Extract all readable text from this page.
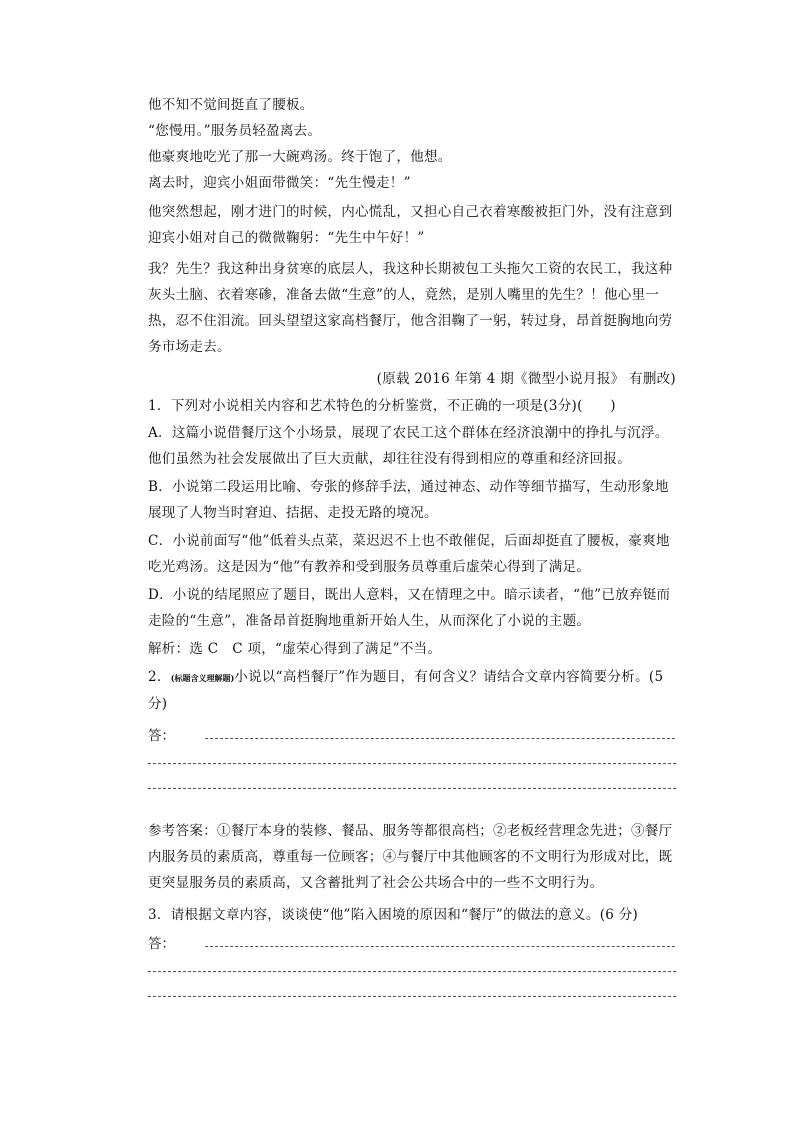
他不知不觉间挺直了腰板。

“您慢用。”服务员轻盈离去。

他豪爽地吃光了那一大碗鸡汤。终于饱了，他想。

离去时，迎宾小姐面带微笑：“先生慢走！”

他突然想起，刚才进门的时候，内心慌乱，又担心自己衣着寒酸被拒门外，没有注意到迎宾小姐对自己的微微鞠躬：“先生中午好！”

我？先生？我这种出身贫寒的底层人，我这种长期被包工头拖欠工资的农民工，我这种灰头土脑、衣着寒碜，准备去做“生意”的人，竟然，是别人嘴里的先生？！他心里一热，忍不住泪流。回头望望这家高档餐厅，他含泪鞠了一躬，转过身，昂首挺胸地向劳务市场走去。

(原载 2016 年第 4 期《微型小说月报》 有删改)

1．下列对小说相关内容和艺术特色的分析鉴赏，不正确的一项是(3分)(　　)

A．这篇小说借餐厅这个小场景，展现了农民工这个群体在经济浪潮中的挣扎与沉浮。他们虽然为社会发展做出了巨大贡献，却往往没有得到相应的尊重和经济回报。

B．小说第二段运用比喻、夸张的修辞手法，通过神态、动作等细节描写，生动形象地展现了人物当时窘迫、拮据、走投无路的境况。

C．小说前面写“他”低着头点菜，菜迟迟不上也不敢催促，后面却挺直了腰板，豪爽地吃光鸡汤。这是因为“他”有教养和受到服务员尊重后虚荣心得到了满足。

D．小说的结尾照应了题目，既出人意料，又在情理之中。暗示读者，“他”已放弃铤而走险的“生意”，准备昂首挺胸地重新开始人生，从而深化了小说的主题。

解析：选 C　C 项，“虚荣心得到了满足”不当。

2．(标题含义理解题)小说以“高档餐厅”作为题目，有何含义？请结合文章内容简要分析。(5 分)

答：

参考答案：①餐厅本身的装修、餐品、服务等都很高档；②老板经营理念先进；③餐厅内服务员的素质高，尊重每一位顾客；④与餐厅中其他顾客的不文明行为形成对比，既更突显服务员的素质高，又含蓄批判了社会公共场合中的一些不文明行为。

3．请根据文章内容，谈谈使“他”陷入困境的原因和“餐厅”的做法的意义。(6 分)

答：
